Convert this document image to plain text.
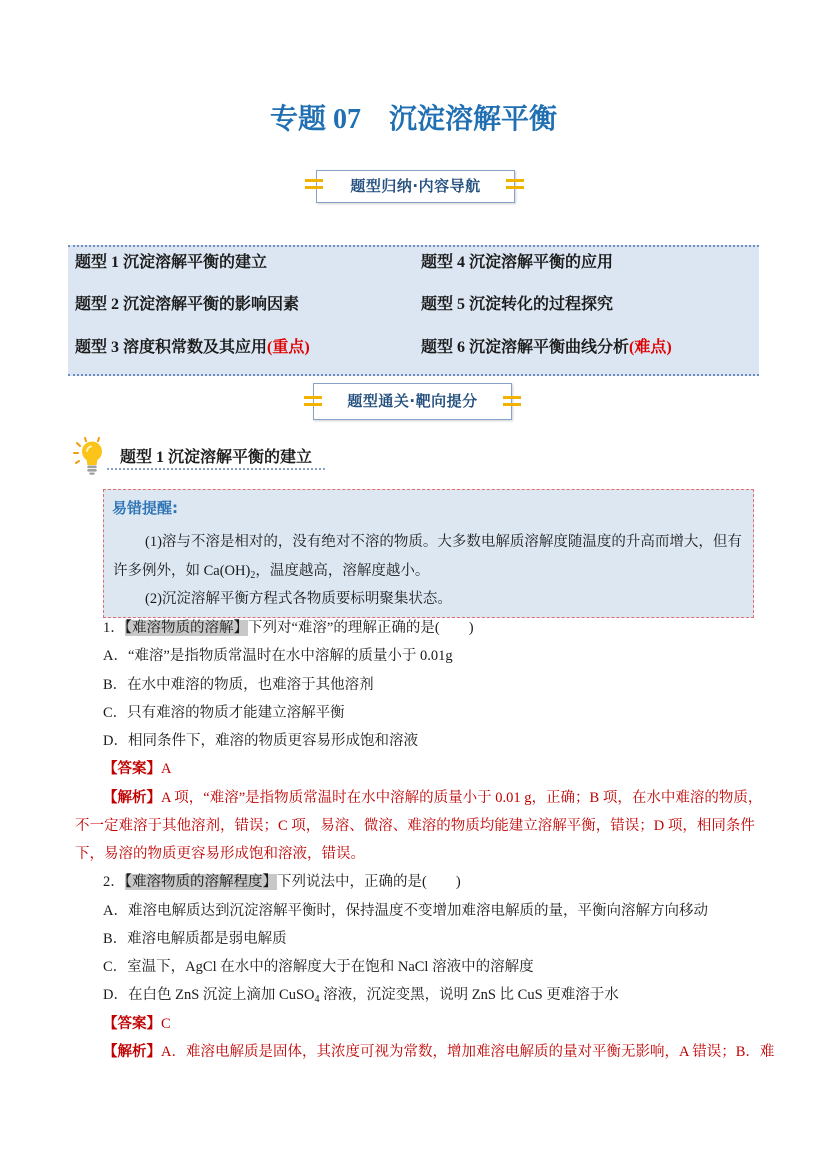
专题 07　沉淀溶解平衡
题型归纳·内容导航
题型 1 沉淀溶解平衡的建立
题型 2 沉淀溶解平衡的影响因素
题型 3 溶度积常数及其应用(重点)
题型 4 沉淀溶解平衡的应用
题型 5 沉淀转化的过程探究
题型 6 沉淀溶解平衡曲线分析(难点)
题型通关·靶向提分
题型 1 沉淀溶解平衡的建立
易错提醒:
(1)溶与不溶是相对的，没有绝对不溶的物质。大多数电解质溶解度随温度的升高而增大，但有
许多例外，如 $Ca(OH)_2$，温度越高，溶解度越小。
(2)沉淀溶解平衡方程式各物质要标明聚集状态。
1．【难溶物质的溶解】下列对“难溶”的理解正确的是(　　)
A．“难溶”是指物质常温时在水中溶解的质量小于 0.01g
B．在水中难溶的物质，也难溶于其他溶剂
C．只有难溶的物质才能建立溶解平衡
D．相同条件下，难溶的物质更容易形成饱和溶液
【答案】A
【解析】A 项，“难溶”是指物质常温时在水中溶解的质量小于 0.01 g，正确；B 项，在水中难溶的物质，
不一定难溶于其他溶剂，错误；C 项，易溶、微溶、难溶的物质均能建立溶解平衡，错误；D 项，相同条件
下，易溶的物质更容易形成饱和溶液，错误。
2．【难溶物质的溶解程度】下列说法中，正确的是(　　)
A．难溶电解质达到沉淀溶解平衡时，保持温度不变增加难溶电解质的量，平衡向溶解方向移动
B．难溶电解质都是弱电解质
C．室温下，AgCl 在水中的溶解度大于在饱和 NaCl 溶液中的溶解度
D．在白色 ZnS 沉淀上滴加 CuSO$_4$ 溶液，沉淀变黑，说明 ZnS 比 CuS 更难溶于水
【答案】C
【解析】A．难溶电解质是固体，其浓度可视为常数，增加难溶电解质的量对平衡无影响，A 错误；B．难
